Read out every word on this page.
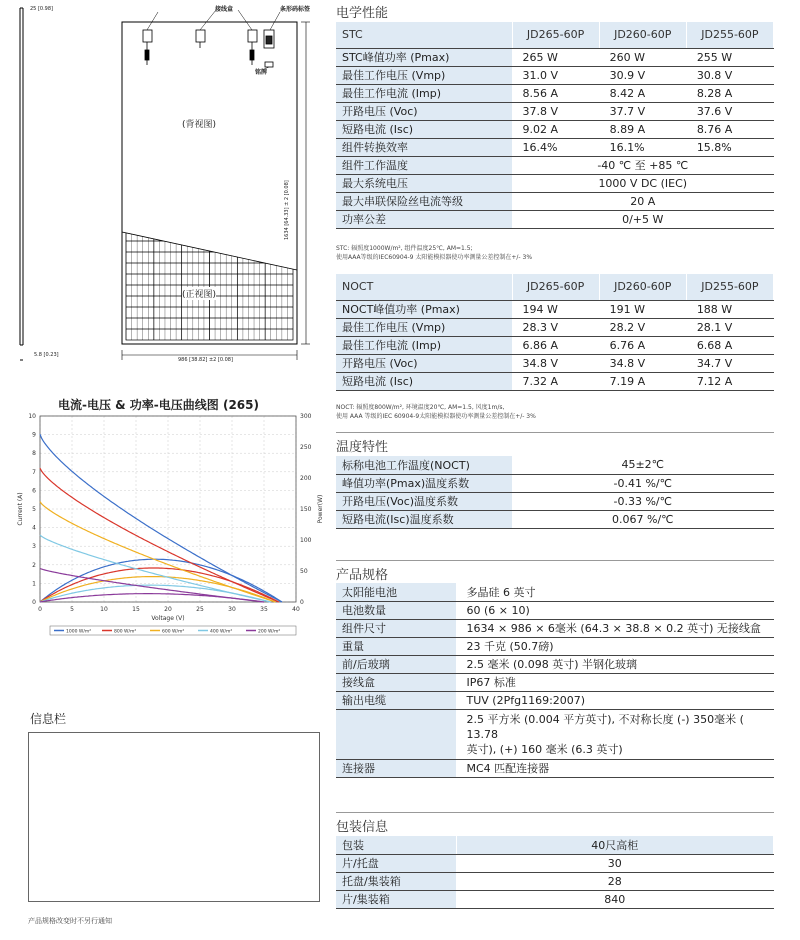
25 [0.98]
5.8 [0.23]
986 [38.82] ±2 [0.08]
1634 [64.33] ± 2 [0.08]
接线盒	条形码标签
铭牌
(背视图)
(正视图)
电流-电压 & 功率-电压曲线图 (265)
0	5	10	15	20	25	30	35	40
0
1
2
3
4
5
6
7
8
9
10
0
50
100
150
200
250
300
Voltage (V)
Current (A)	Power(W)
1000 W/m²	800 W/m²	600 W/m²	400 W/m²	200 W/m²
信息栏
产品规格改变时不另行通知
电学性能
STC	JD265-60P	JD260-60P	JD255-60P
STC峰值功率 (Pmax)	265 W	260 W	255 W
最佳工作电压 (Vmp)	31.0 V	30.9 V	30.8 V
最佳工作电流 (Imp)	8.56 A	8.42 A	8.28 A
开路电压 (Voc)	37.8 V	37.7 V	37.6 V
短路电流 (Isc)	9.02 A	8.89 A	8.76 A
组件转换效率	16.4%	16.1%	15.8%
组件工作温度	-40 ℃ 至 +85 ℃		
最大系统电压	1000 V DC (IEC)		
最大串联保险丝电流等级	20 A		
功率公差	0/+5 W		
STC: 辐照度1000W/m², 组件温度25℃, AM=1.5;
使用AAA等级的IEC60904-9 太阳能模拟器使功率测量公差控制在+/- 3%
NOCT	JD265-60P	JD260-60P	JD255-60P
NOCT峰值功率 (Pmax)	194 W	191 W	188 W
最佳工作电压 (Vmp)	28.3 V	28.2 V	28.1 V
最佳工作电流 (Imp)	6.86 A	6.76 A	6.68 A
开路电压 (Voc)	34.8 V	34.8 V	34.7 V
短路电流 (Isc)	7.32 A	7.19 A	7.12 A
NOCT: 辐照度800W/m², 环境温度20℃, AM=1.5, 风度1m/s,
使用 AAA 等级的IEC 60904-9太阳能模拟器使功率测量公差控制在+/- 3%
温度特性
标称电池工作温度(NOCT)	45±2℃
峰值功率(Pmax)温度系数	-0.41 %/℃
开路电压(Voc)温度系数	-0.33 %/℃
短路电流(Isc)温度系数	0.067 %/℃
产品规格
太阳能电池	多晶硅 6 英寸
电池数量	60 (6 × 10)
组件尺寸	1634 × 986 × 6毫米 (64.3 × 38.8 × 0.2 英寸) 无接线盒
重量	23 千克 (50.7磅)
前/后玻璃	2.5 毫米 (0.098 英寸) 半钢化玻璃
接线盒	IP67 标准
输出电缆	TUV (2Pfg1169:2007)

	2.5 平方米 (0.004 平方英寸), 不对称长度 (-) 350毫米 ( 13.78
英寸), (+) 160 毫米 (6.3 英寸)

连接器	MC4 匹配连接器
包装信息
包装	40尺高柜
片/托盘	30
托盘/集装箱	28
片/集装箱	840
